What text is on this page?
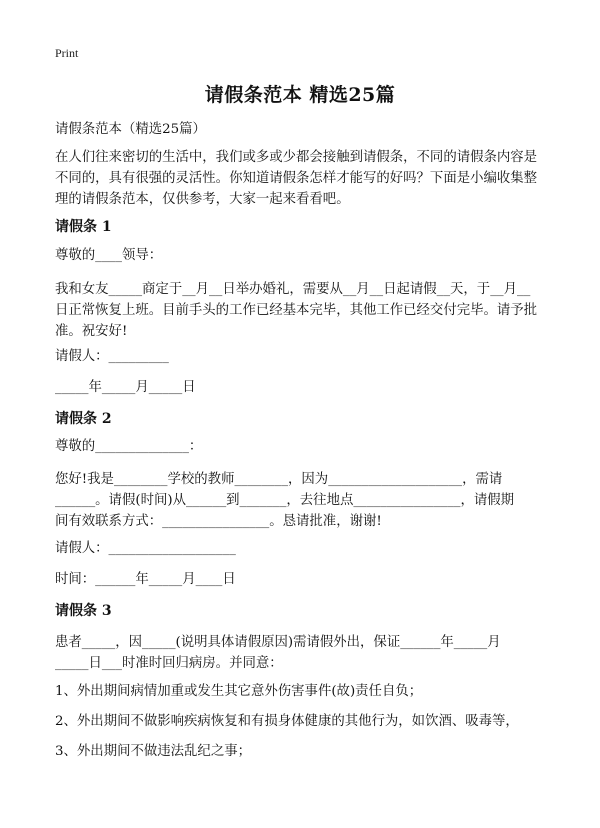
Print
请假条范本 精选25篇
请假条范本（精选25篇）
在人们往来密切的生活中，我们或多或少都会接触到请假条，不同的请假条内容是
不同的，具有很强的灵活性。你知道请假条怎样才能写的好吗？下面是小编收集整
理的请假条范本，仅供参考，大家一起来看看吧。
请假条 1
尊敬的____领导：
我和女友_____商定于__月__日举办婚礼，需要从__月__日起请假__天，于__月__
日正常恢复上班。目前手头的工作已经基本完毕，其他工作已经交付完毕。请予批
准。祝安好!
请假人：_________
_____年_____月_____日
请假条 2
尊敬的______________：
您好!我是________学校的教师________，因为____________________，需请
______。请假(时间)从______到_______，去往地点________________，请假期
间有效联系方式：________________。恳请批准，谢谢!
请假人：___________________
时间：______年_____月____日
请假条 3
患者_____，因_____(说明具体请假原因)需请假外出，保证______年_____月
_____日___时准时回归病房。并同意：
1、外出期间病情加重或发生其它意外伤害事件(故)责任自负；
2、外出期间不做影响疾病恢复和有损身体健康的其他行为，如饮酒、吸毒等，
3、外出期间不做违法乱纪之事；
